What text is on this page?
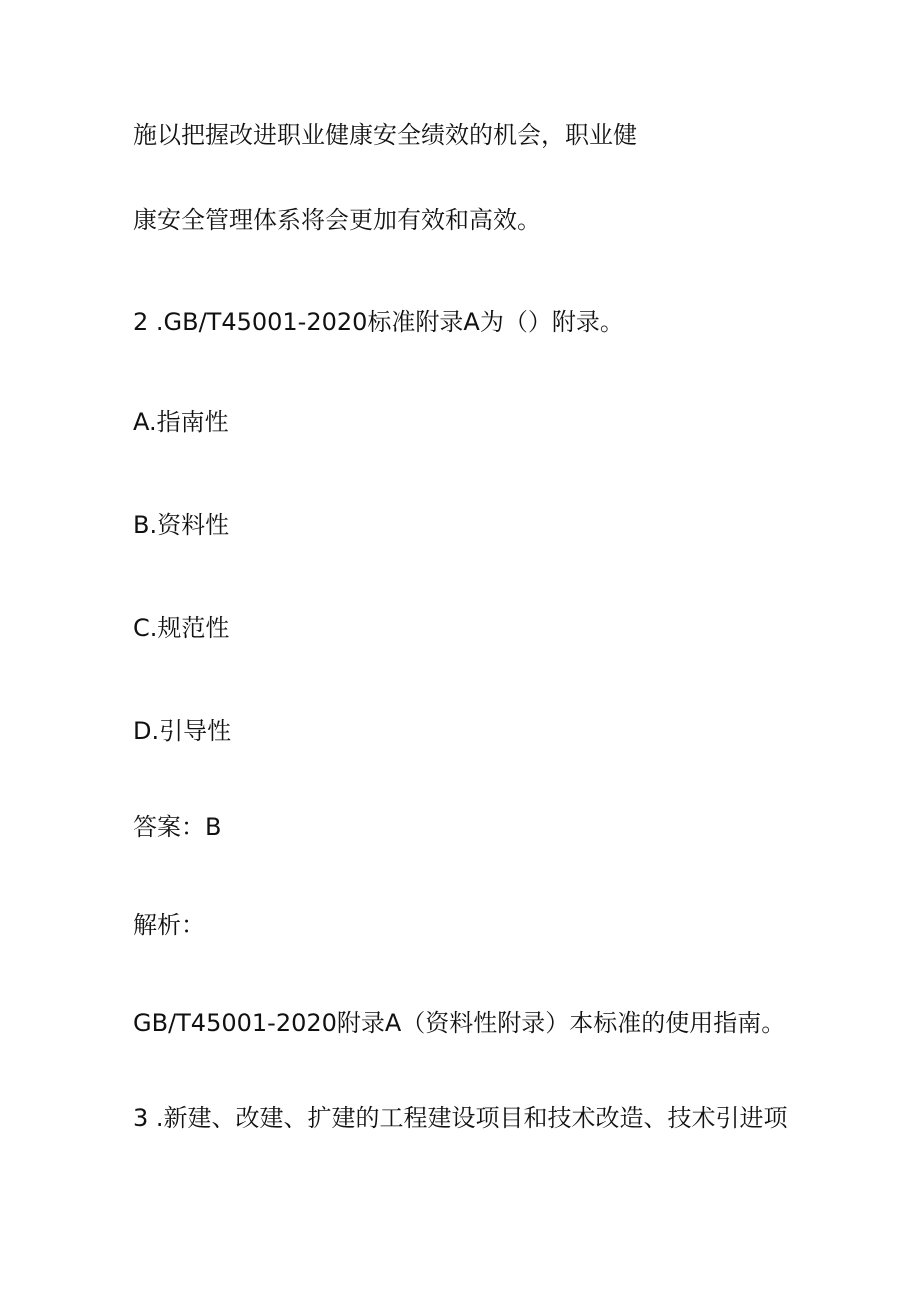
施以把握改进职业健康安全绩效的机会，职业健
康安全管理体系将会更加有效和高效。
2 .GB/T45001-2020标准附录A为（）附录。
A.指南性
B.资料性
C.规范性
D.引导性
答案：B
解析：
GB/T45001-2020附录A（资料性附录）本标准的使用指南。
3 .新建、改建、扩建的工程建设项目和技术改造、技术引进项
